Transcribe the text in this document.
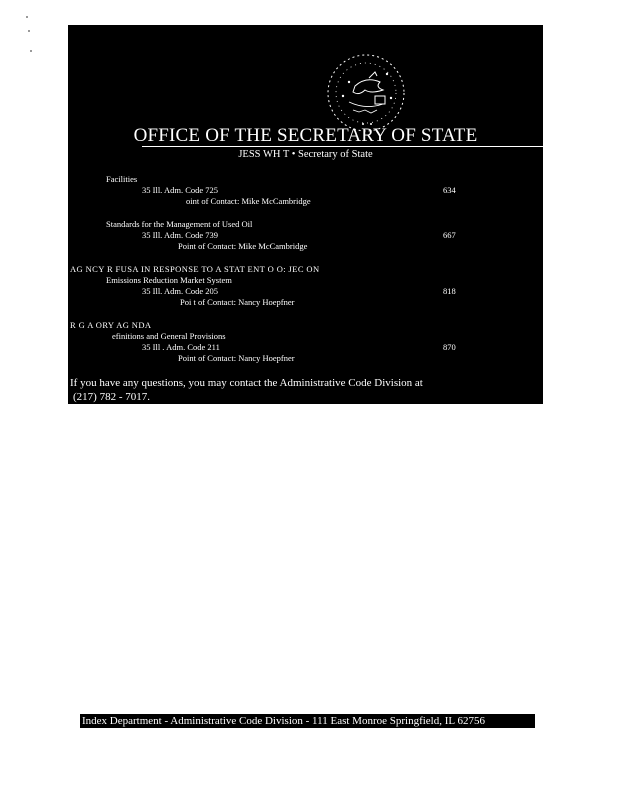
OFFICE OF THE SECRETARY OF STATE
JESS WH T • Secretary of State
Facilities
35 Ill. Adm. Code 725	634
oint of Contact: Mike McCambridge
Standards for the Management of Used Oil
35 Ill. Adm. Code 739	667
Point of Contact: Mike McCambridge
AG NCY R FUSA IN RESPONSE TO A STAT ENT O O: JEC ON
Emissions Reduction Market System
35 Ill. Adm. Code 205	818
Poi t of Contact: Nancy Hoepfner
R G A ORY AG NDA
efinitions and General Provisions
35 Ill . Adm. Code 211	870
Point of Contact: Nancy Hoepfner
If you have any questions, you may contact the Administrative Code Division at
(217) 782 - 7017.
Index Department - Administrative Code Division - 111 East Monroe Springfield, IL 62756
